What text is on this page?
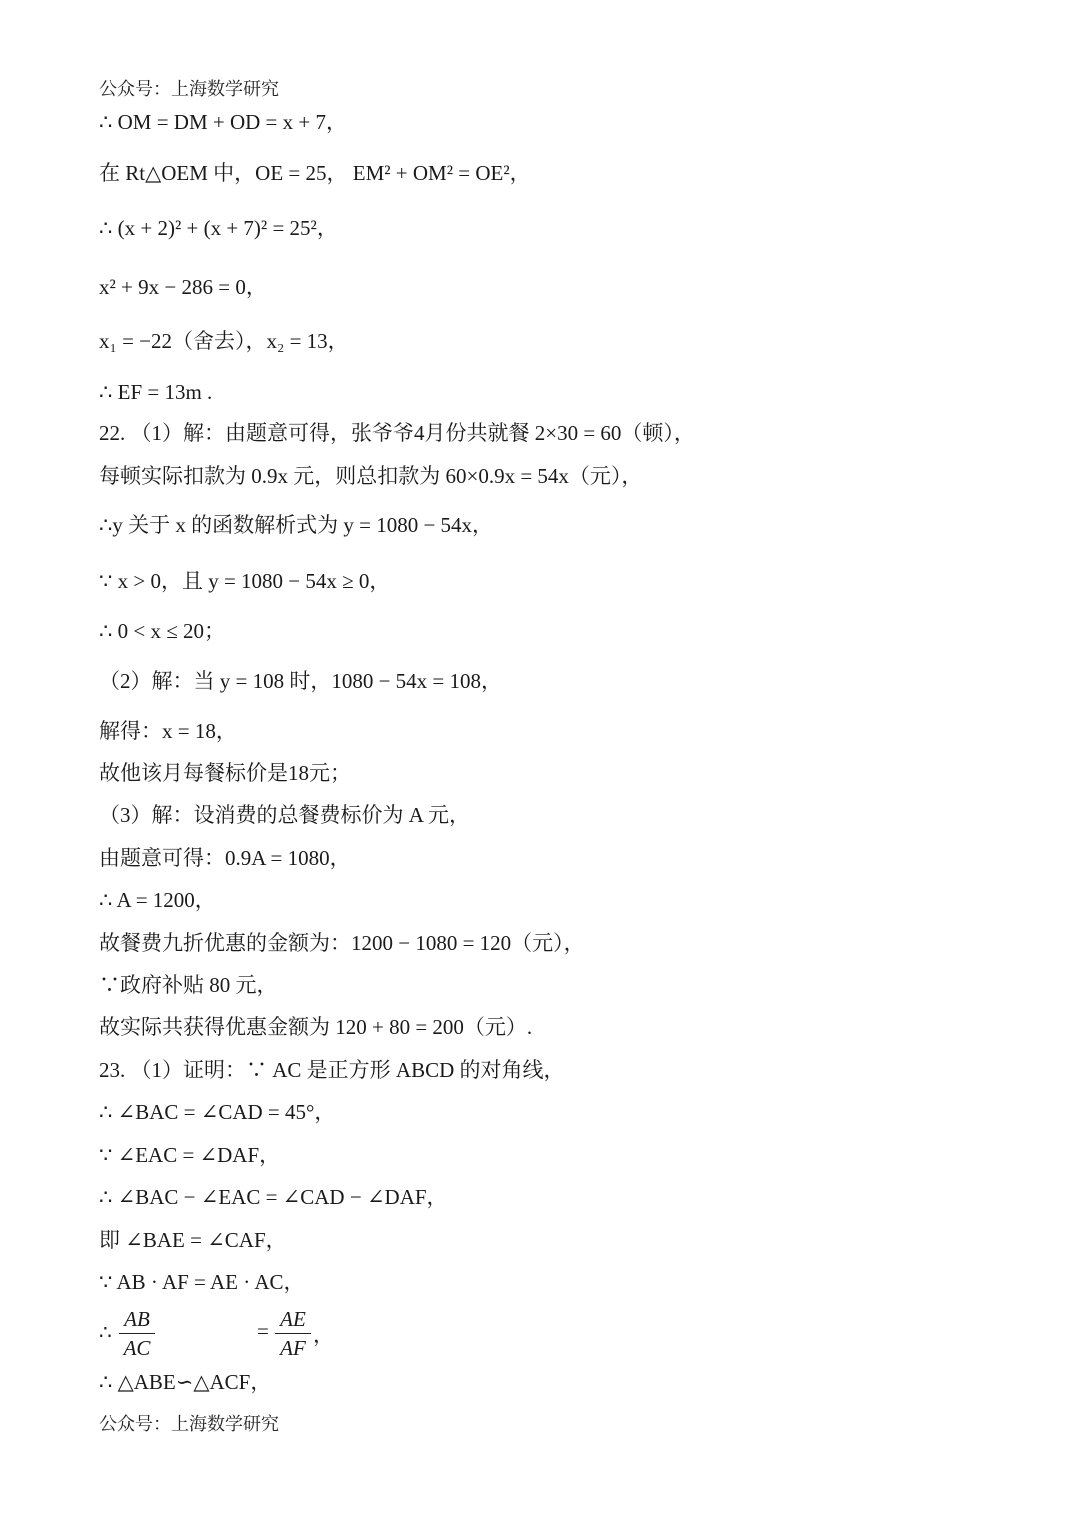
公众号：上海数学研究
∴ OM = DM + OD = x + 7，
在 Rt△OEM 中，OE = 25， EM² + OM² = OE²，
∴ (x + 2)² + (x + 7)² = 25²，
x² + 9x − 286 = 0，
x₁ = −22（舍去），x₂ = 13，
∴ EF = 13m .
22. （1）解：由题意可得，张爷爷4月份共就餐 2×30 = 60（顿），
每顿实际扣款为 0.9x 元，则总扣款为 60×0.9x = 54x（元），
∴y 关于 x 的函数解析式为 y = 1080 − 54x，
∵ x > 0，且 y = 1080 − 54x ≥ 0，
∴ 0 < x ≤ 20；
（2）解：当 y = 108 时，1080 − 54x = 108，
解得：x = 18，
故他该月每餐标价是18元；
（3）解：设消费的总餐费标价为 A 元，
由题意可得：0.9A = 1080，
∴ A = 1200，
故餐费九折优惠的金额为：1200 − 1080 = 120（元），
∵政府补贴 80 元，
故实际共获得优惠金额为 120 + 80 = 200（元）.
23. （1）证明：∵ AC 是正方形 ABCD 的对角线，
∴ ∠BAC = ∠CAD = 45°，
∵ ∠EAC = ∠DAF，
∴ ∠BAC − ∠EAC = ∠CAD − ∠DAF，
即 ∠BAE = ∠CAF，
∵ AB · AF = AE · AC，
∴
AB
AC
= AE
AF
，
∴ △ABE∽△ACF，
公众号：上海数学研究
